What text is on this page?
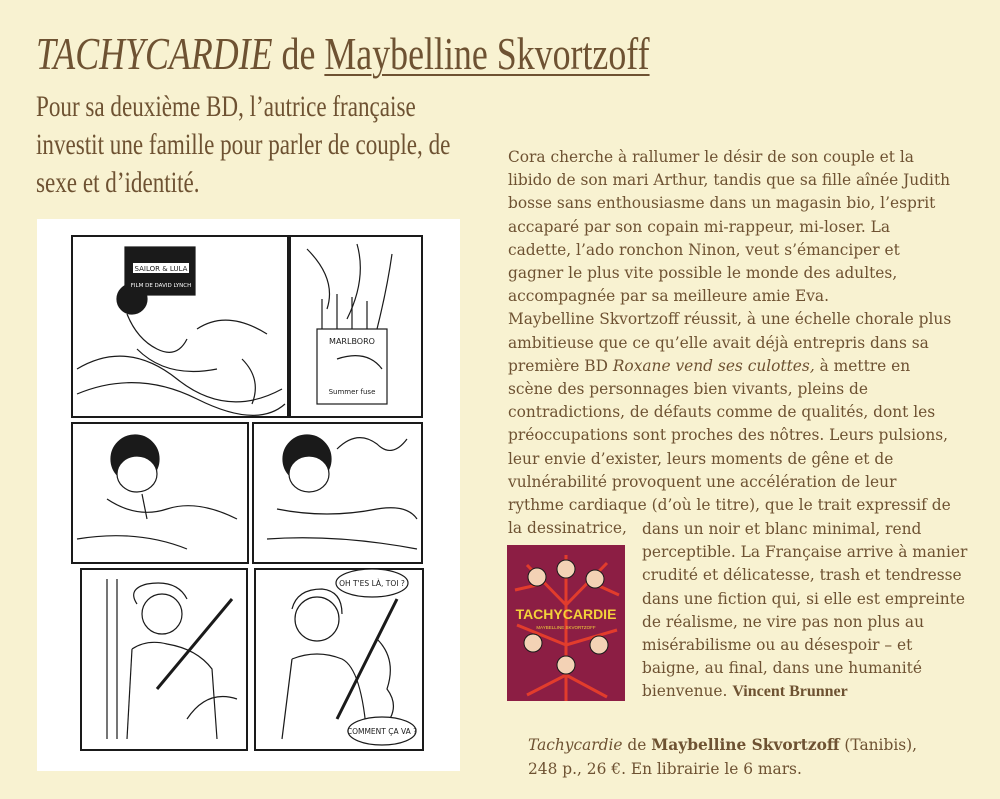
TACHYCARDIE de Maybelline Skvortzoff

Pour sa deuxième BD, l’autrice française investit une famille pour parler de couple, de sexe et d’identité.

SAILOR & LULA
FILM DE DAVID LYNCH
MARLBORO
Summer fuse
OH T'ES LÀ, TOI ?
COMMENT ÇA VA ?

Cora cherche à rallumer le désir de son couple et la libido de son mari Arthur, tandis que sa fille aînée Judith bosse sans enthousiasme dans un magasin bio, l’esprit accaparé par son copain mi-rappeur, mi-loser. La cadette, l’ado ronchon Ninon, veut s’émanciper et gagner le plus vite possible le monde des adultes, accompagnée par sa meilleure amie Eva.

Maybelline Skvortzoff réussit, à une échelle chorale plus ambitieuse que ce qu’elle avait déjà entrepris dans sa première BD Roxane vend ses culottes, à mettre en scène des personnages bien vivants, pleins de contradictions, de défauts comme de qualités, dont les préoccupations sont proches des nôtres. Leurs pulsions, leur envie d’exister, leurs moments de gêne et de vulnérabilité provoquent une accélération de leur rythme cardiaque (d’où le titre), que le trait expressif de la dessinatrice,

TACHYCARDIE
MAYBELLINE SKVORTZOFF
dans un noir et blanc minimal, rend perceptible. La Française arrive à manier crudité et délicatesse, trash et tendresse dans une fiction qui, si elle est empreinte de réalisme, ne vire pas non plus au misérabilisme ou au désespoir – et baigne, au final, dans une humanité bienvenue. Vincent Brunner
Tachycardie de Maybelline Skvortzoff (Tanibis),
248 p., 26 €. En librairie le 6 mars.
